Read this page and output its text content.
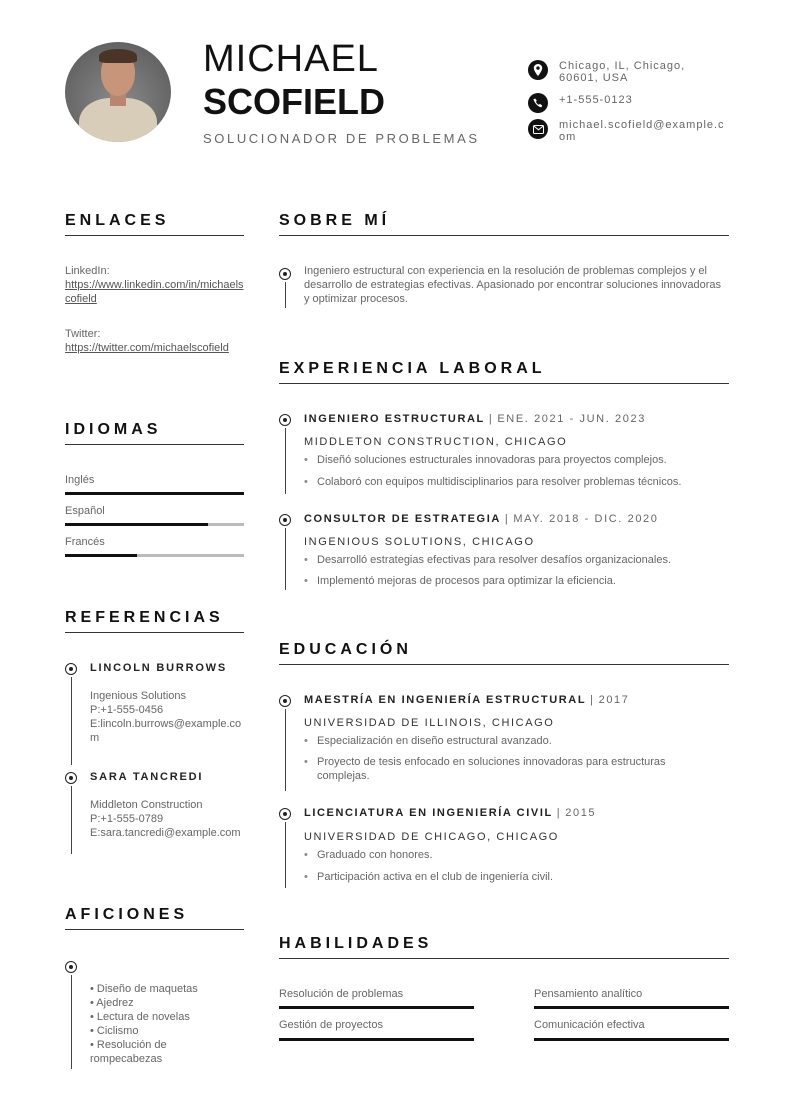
MICHAEL
SCOFIELD
SOLUCIONADOR DE PROBLEMAS
Chicago, IL, Chicago, 60601, USA
+1-555-0123
michael.scofield@example.com
ENLACES
LinkedIn:
https://www.linkedin.com/in/michaelscofield
Twitter:
https://twitter.com/michaelscofield
IDIOMAS
Inglés
Español
Francés
REFERENCIAS
LINCOLN BURROWS
Ingenious Solutions
P:+1-555-0456
E:lincoln.burrows@example.com
SARA TANCREDI
Middleton Construction
P:+1-555-0789
E:sara.tancredi@example.com
AFICIONES
• Diseño de maquetas
• Ajedrez
• Lectura de novelas
• Ciclismo
• Resolución de rompecabezas
SOBRE MÍ
Ingeniero estructural con experiencia en la resolución de problemas complejos y el desarrollo de estrategias efectivas. Apasionado por encontrar soluciones innovadoras y optimizar procesos.
EXPERIENCIA LABORAL
INGENIERO ESTRUCTURAL | ENE. 2021 - JUN. 2023
MIDDLETON CONSTRUCTION, CHICAGO
• Diseñó soluciones estructurales innovadoras para proyectos complejos.
• Colaboró con equipos multidisciplinarios para resolver problemas técnicos.
CONSULTOR DE ESTRATEGIA | MAY. 2018 - DIC. 2020
INGENIOUS SOLUTIONS, CHICAGO
• Desarrolló estrategias efectivas para resolver desafíos organizacionales.
• Implementó mejoras de procesos para optimizar la eficiencia.
EDUCACIÓN
MAESTRÍA EN INGENIERÍA ESTRUCTURAL | 2017
UNIVERSIDAD DE ILLINOIS, CHICAGO
• Especialización en diseño estructural avanzado.
• Proyecto de tesis enfocado en soluciones innovadoras para estructuras complejas.
LICENCIATURA EN INGENIERÍA CIVIL | 2015
UNIVERSIDAD DE CHICAGO, CHICAGO
• Graduado con honores.
• Participación activa en el club de ingeniería civil.
HABILIDADES
Resolución de problemas	Pensamiento analítico
Gestión de proyectos	Comunicación efectiva
